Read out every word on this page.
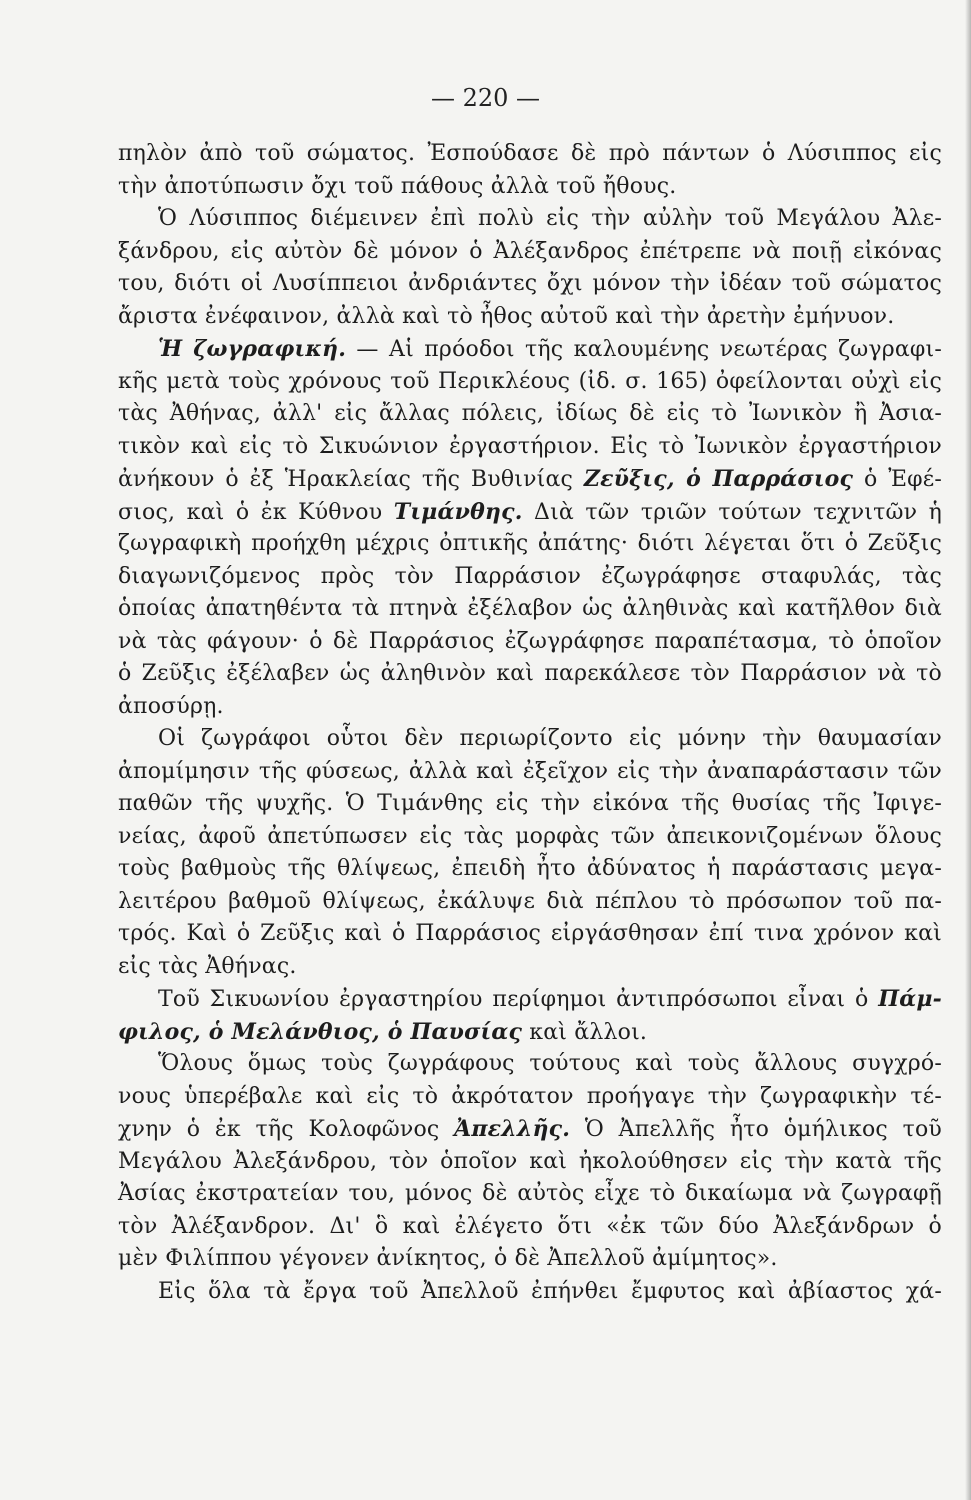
— 220 —

πηλὸν ἀπὸ τοῦ σώματος. Ἐσπούδασε δὲ πρὸ πάντων ὁ Λύσιππος εἰς
τὴν ἀποτύπωσιν ὄχι τοῦ πάθους ἀλλὰ τοῦ ἤθους.
Ὁ Λύσιππος διέμεινεν ἐπὶ πολὺ εἰς τὴν αὐλὴν τοῦ Μεγάλου Ἀλε-
ξάνδρου, εἰς αὐτὸν δὲ μόνον ὁ Ἀλέξανδρος ἐπέτρεπε νὰ ποιῇ εἰκόνας
του, διότι οἱ Λυσίππειοι ἀνδριάντες ὄχι μόνον τὴν ἰδέαν τοῦ σώματος
ἄριστα ἐνέφαινον, ἀλλὰ καὶ τὸ ἦθος αὐτοῦ καὶ τὴν ἀρετὴν ἐμήνυον.
Ἡ ζωγραφική. — Αἱ πρόοδοι τῆς καλουμένης νεωτέρας ζωγραφι-
κῆς μετὰ τοὺς χρόνους τοῦ Περικλέους (ἰδ. σ. 165) ὀφείλονται οὐχὶ εἰς
τὰς Ἀθήνας, ἀλλ' εἰς ἄλλας πόλεις, ἰδίως δὲ εἰς τὸ Ἰωνικὸν ἢ Ἀσια-
τικὸν καὶ εἰς τὸ Σικυώνιον ἐργαστήριον. Εἰς τὸ Ἰωνικὸν ἐργαστήριον
ἀνήκουν ὁ ἐξ Ἡρακλείας τῆς Βυθινίας Ζεῦξις, ὁ Παρράσιος ὁ Ἐφέ-
σιος, καὶ ὁ ἐκ Κύθνου Τιμάνθης. Διὰ τῶν τριῶν τούτων τεχνιτῶν ἡ
ζωγραφικὴ προήχθη μέχρις ὀπτικῆς ἀπάτης· διότι λέγεται ὅτι ὁ Ζεῦξις
διαγωνιζόμενος πρὸς τὸν Παρράσιον ἐζωγράφησε σταφυλάς, τὰς
ὁποίας ἀπατηθέντα τὰ πτηνὰ ἐξέλαβον ὡς ἀληθινὰς καὶ κατῆλθον διὰ
νὰ τὰς φάγουν· ὁ δὲ Παρράσιος ἐζωγράφησε παραπέτασμα, τὸ ὁποῖον
ὁ Ζεῦξις ἐξέλαβεν ὡς ἀληθινὸν καὶ παρεκάλεσε τὸν Παρράσιον νὰ τὸ
ἀποσύρῃ.
Οἱ ζωγράφοι οὗτοι δὲν περιωρίζοντο εἰς μόνην τὴν θαυμασίαν
ἀπομίμησιν τῆς φύσεως, ἀλλὰ καὶ ἐξεῖχον εἰς τὴν ἀναπαράστασιν τῶν
παθῶν τῆς ψυχῆς. Ὁ Τιμάνθης εἰς τὴν εἰκόνα τῆς θυσίας τῆς Ἰφιγε-
νείας, ἀφοῦ ἀπετύπωσεν εἰς τὰς μορφὰς τῶν ἀπεικονιζομένων ὅλους
τοὺς βαθμοὺς τῆς θλίψεως, ἐπειδὴ ἦτο ἀδύνατος ἡ παράστασις μεγα-
λειτέρου βαθμοῦ θλίψεως, ἐκάλυψε διὰ πέπλου τὸ πρόσωπον τοῦ πα-
τρός. Καὶ ὁ Ζεῦξις καὶ ὁ Παρράσιος εἰργάσθησαν ἐπί τινα χρόνον καὶ
εἰς τὰς Ἀθήνας.
Τοῦ Σικυωνίου ἐργαστηρίου περίφημοι ἀντιπρόσωποι εἶναι ὁ Πάμ-
φιλος, ὁ Μελάνθιος, ὁ Παυσίας καὶ ἄλλοι.
Ὅλους ὅμως τοὺς ζωγράφους τούτους καὶ τοὺς ἄλλους συγχρό-
νους ὑπερέβαλε καὶ εἰς τὸ ἀκρότατον προήγαγε τὴν ζωγραφικὴν τέ-
χνην ὁ ἐκ τῆς Κολοφῶνος Ἀπελλῆς. Ὁ Ἀπελλῆς ἦτο ὁμήλικος τοῦ
Μεγάλου Ἀλεξάνδρου, τὸν ὁποῖον καὶ ἠκολούθησεν εἰς τὴν κατὰ τῆς
Ἀσίας ἐκστρατείαν του, μόνος δὲ αὐτὸς εἶχε τὸ δικαίωμα νὰ ζωγραφῇ
τὸν Ἀλέξανδρον. Δι' ὃ καὶ ἐλέγετο ὅτι «ἐκ τῶν δύο Ἀλεξάνδρων ὁ
μὲν Φιλίππου γέγονεν ἀνίκητος, ὁ δὲ Ἀπελλοῦ ἀμίμητος».
Εἰς ὅλα τὰ ἔργα τοῦ Ἀπελλοῦ ἐπήνθει ἔμφυτος καὶ ἀβίαστος χά-
